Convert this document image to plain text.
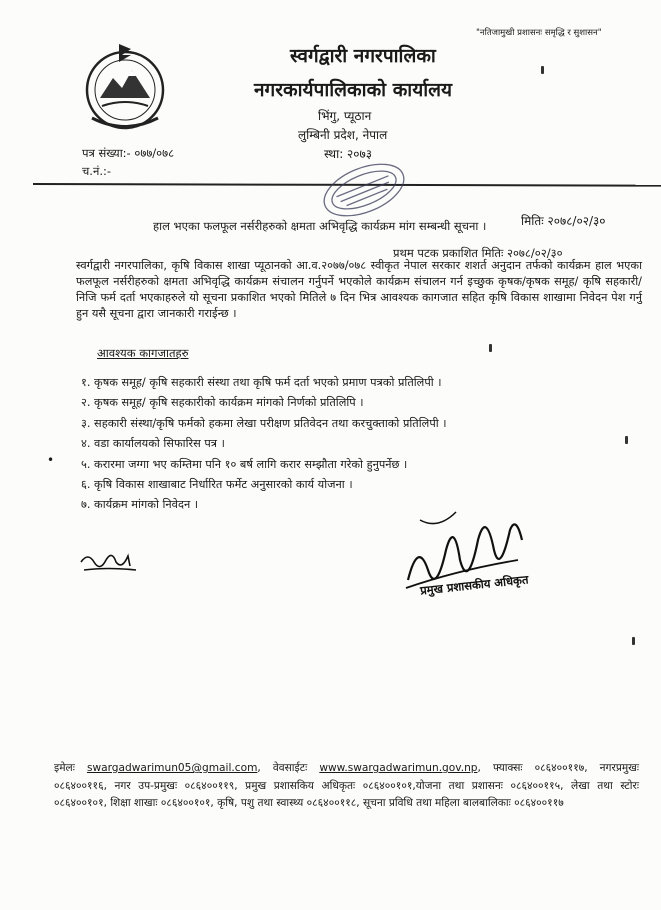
"नतिजामुखी प्रशासनः समृद्धि र सुशासन"
स्वर्गद्वारी नगरपालिका
नगरकार्यपालिकाको कार्यालय
भिंगु, प्यूठान
लुम्बिनी प्रदेश, नेपाल
स्था: २०७३
पत्र संख्या:- ०७७/०७८
च.नं.:-
मितिः २०७८/०२/३०
हाल भएका फलफूल नर्सरीहरुको क्षमता अभिवृद्धि कार्यक्रम मांग सम्बन्धी सूचना ।
प्रथम पटक प्रकाशित मितिः २०७८/०२/३०

स्वर्गद्वारी नगरपालिका, कृषि विकास शाखा प्यूठानको आ.व.२०७७/०७८ स्वीकृत नेपाल सरकार शशर्त अनुदान तर्फको कार्यक्रम हाल भएका फलफूल नर्सरीहरुको क्षमता अभिवृद्धि कार्यक्रम संचालन गर्नुपर्ने भएकोले कार्यक्रम संचालन गर्न इच्छुक कृषक/कृषक समूह/ कृषि सहकारी/निजि फर्म दर्ता भएकाहरुले यो सूचना प्रकाशित भएको मितिले ७ दिन भित्र आवश्यक कागजात सहित कृषि विकास शाखामा निवेदन पेश गर्नु हुन यसै सूचना द्वारा जानकारी गराईन्छ ।

आवश्यक कागजातहरु
१. कृषक समूह/ कृषि सहकारी संस्था तथा कृषि फर्म दर्ता भएको प्रमाण पत्रको प्रतिलिपी ।
२. कृषक समूह/ कृषि सहकारीको कार्यक्रम मांगको निर्णको प्रतिलिपि ।
३. सहकारी संस्था/कृषि फर्मको हकमा लेखा परीक्षण प्रतिवेदन तथा करचुक्ताको प्रतिलिपी ।
४. वडा कार्यालयको सिफारिस पत्र ।
५. करारमा जग्गा भए कम्तिमा पनि १० बर्ष लागि करार सम्झौता गरेको हुनुपर्नेछ ।
६. कृषि विकास शाखाबाट निर्धारित फर्मेट अनुसारको कार्य योजना ।
७. कार्यक्रम मांगको निवेदन ।
•
प्रमुख प्रशासकीय अधिकृत

इमेलः swargadwarimun05@gmail.com, वेवसाईटः www.swargadwarimun.gov.np, फ्याक्सः ०८६४००११७, नगरप्रमुखः ०८६४००११६, नगर उप-प्रमुखः ०८६४००११९, प्रमुख प्रशासकिय अधिकृतः ०८६४००१०१,योजना तथा प्रशासनः ०८६४००११५, लेखा तथा स्टोरः ०८६४००१०१, शिक्षा शाखाः ०८६४००१०१, कृषि, पशु तथा स्वास्थ्य ०८६४००११८, सूचना प्रविधि तथा महिला बालबालिकाः ०८६४००११७
